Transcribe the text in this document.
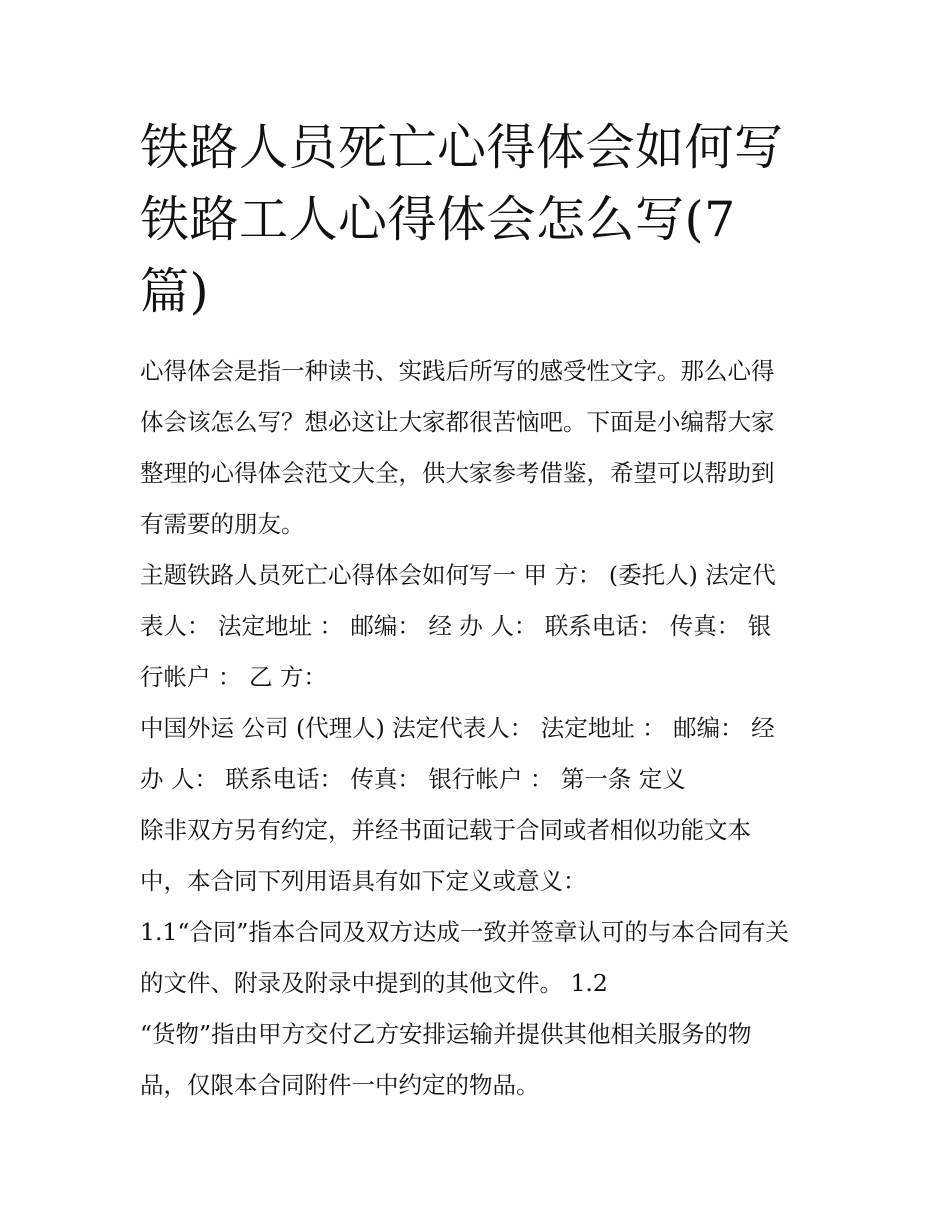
铁路人员死亡心得体会如何写
铁路工人心得体会怎么写(7
篇)

心得体会是指一种读书、实践后所写的感受性文字。那么心得
体会该怎么写？想必这让大家都很苦恼吧。下面是小编帮大家
整理的心得体会范文大全，供大家参考借鉴，希望可以帮助到
有需要的朋友。

主题铁路人员死亡心得体会如何写一 甲 方： (委托人) 法定代
表人： 法定地址 ： 邮编： 经 办 人： 联系电话： 传真： 银
行帐户 ： 乙 方：

中国外运 公司 (代理人) 法定代表人： 法定地址 ： 邮编： 经
办 人： 联系电话： 传真： 银行帐户 ： 第一条 定义

除非双方另有约定，并经书面记载于合同或者相似功能文本
中，本合同下列用语具有如下定义或意义：

1.1“合同”指本合同及双方达成一致并签章认可的与本合同有关
的文件、附录及附录中提到的其他文件。 1.2

“货物”指由甲方交付乙方安排运输并提供其他相关服务的物
品，仅限本合同附件一中约定的物品。
